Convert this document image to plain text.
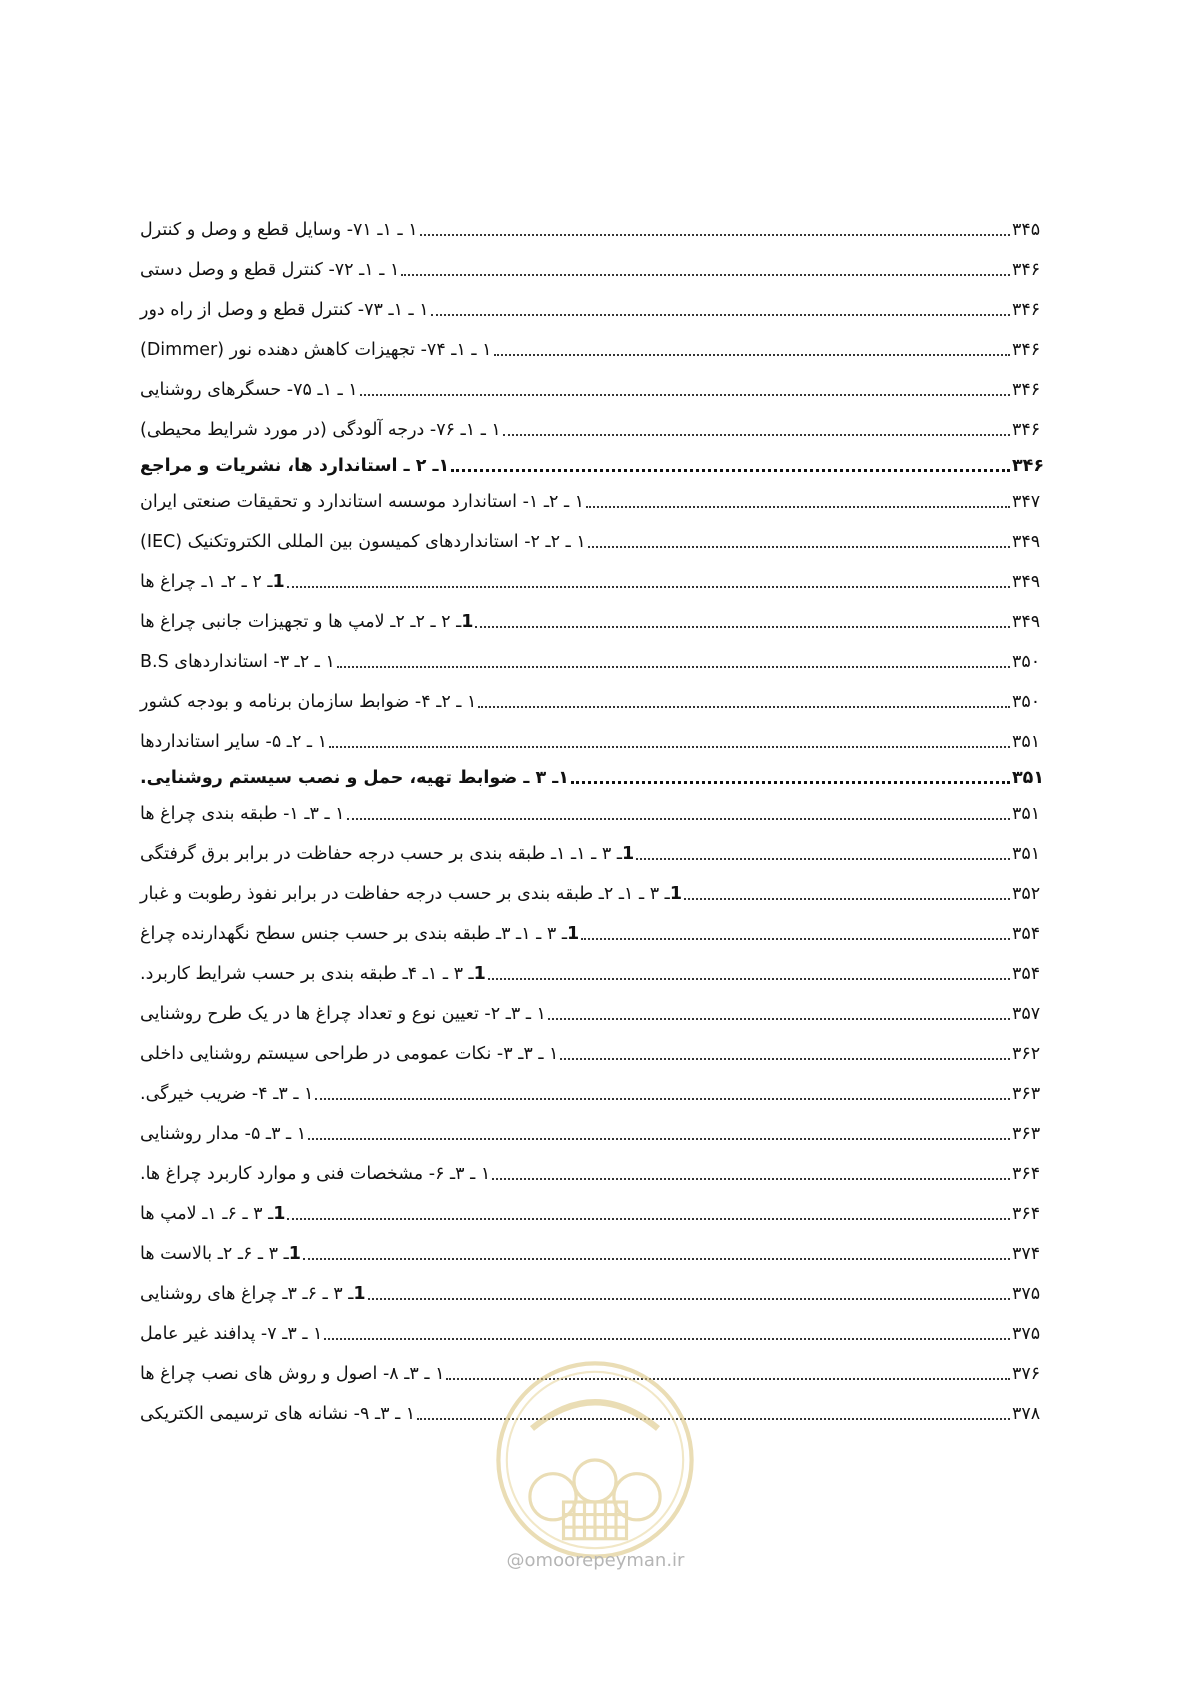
۱ ـ ۱ـ ۷۱- وسایل قطع و وصل و کنترل	۳۴۵
۱ ـ ۱ـ ۷۲- کنترل قطع و وصل دستی	۳۴۶
۱ ـ ۱ـ ۷۳- کنترل قطع و وصل از راه دور	۳۴۶
۱ ـ ۱ـ ۷۴- تجهیزات کاهش دهنده نور (Dimmer)	۳۴۶
۱ ـ ۱ـ ۷۵- حسگرهای روشنایی	۳۴۶
۱ ـ ۱ـ ۷۶- درجه آلودگی (در مورد شرایط محیطی)	۳۴۶
۱ـ ۲ ـ استاندارد ها، نشریات و مراجع	۳۴۶
۱ ـ ۲ـ ۱- استاندارد موسسه استاندارد و تحقیقات صنعتی ایران	۳۴۷
۱ ـ ۲ـ ۲- استانداردهای کمیسون بین المللی الکتروتکنیک (IEC)	۳۴۹
1ـ ۲ ـ ۲ـ ۱ـ چراغ ها	۳۴۹
1ـ ۲ ـ ۲ـ ۲ـ لامپ ها و تجهیزات جانبی چراغ ها	۳۴۹
۱ ـ ۲ـ ۳- استانداردهای B.S	۳۵۰
۱ ـ ۲ـ ۴- ضوابط سازمان برنامه و بودجه کشور	۳۵۰
۱ ـ ۲ـ ۵- سایر استانداردها	۳۵۱
۱ـ ۳ ـ ضوابط تهیه، حمل و نصب سیستم روشنایی.	۳۵۱
۱ ـ ۳ـ ۱- طبقه بندی چراغ ها	۳۵۱
1ـ ۳ ـ ۱ـ ۱ـ طبقه بندی بر حسب درجه حفاظت در برابر برق گرفتگی	۳۵۱
1ـ ۳ ـ ۱ـ ۲ـ طبقه بندی بر حسب درجه حفاظت در برابر نفوذ رطوبت و غبار	۳۵۲
1ـ ۳ ـ ۱ـ ۳ـ طبقه بندی بر حسب جنس سطح نگهدارنده چراغ	۳۵۴
1ـ ۳ ـ ۱ـ ۴ـ طبقه بندی بر حسب شرایط کاربرد.	۳۵۴
۱ ـ ۳ـ ۲- تعیین نوع و تعداد چراغ ها در یک طرح روشنایی	۳۵۷
۱ ـ ۳ـ ۳- نکات عمومی در طراحی سیستم روشنایی داخلی	۳۶۲
۱ ـ ۳ـ ۴- ضریب خیرگی.	۳۶۳
۱ ـ ۳ـ ۵- مدار روشنایی	۳۶۳
۱ ـ ۳ـ ۶- مشخصات فنی و موارد کاربرد چراغ ها.	۳۶۴
1ـ ۳ ـ ۶ـ ۱ـ لامپ ها	۳۶۴
1ـ ۳ ـ ۶ـ ۲ـ بالاست ها	۳۷۴
1ـ ۳ ـ ۶ـ ۳ـ چراغ های روشنایی	۳۷۵
۱ ـ ۳ـ ۷- پدافند غیر عامل	۳۷۵
۱ ـ ۳ـ ۸- اصول و روش های نصب چراغ ها	۳۷۶
۱ ـ ۳ـ ۹- نشانه های ترسیمی الکتریکی	۳۷۸
@omoorepeyman.ir
